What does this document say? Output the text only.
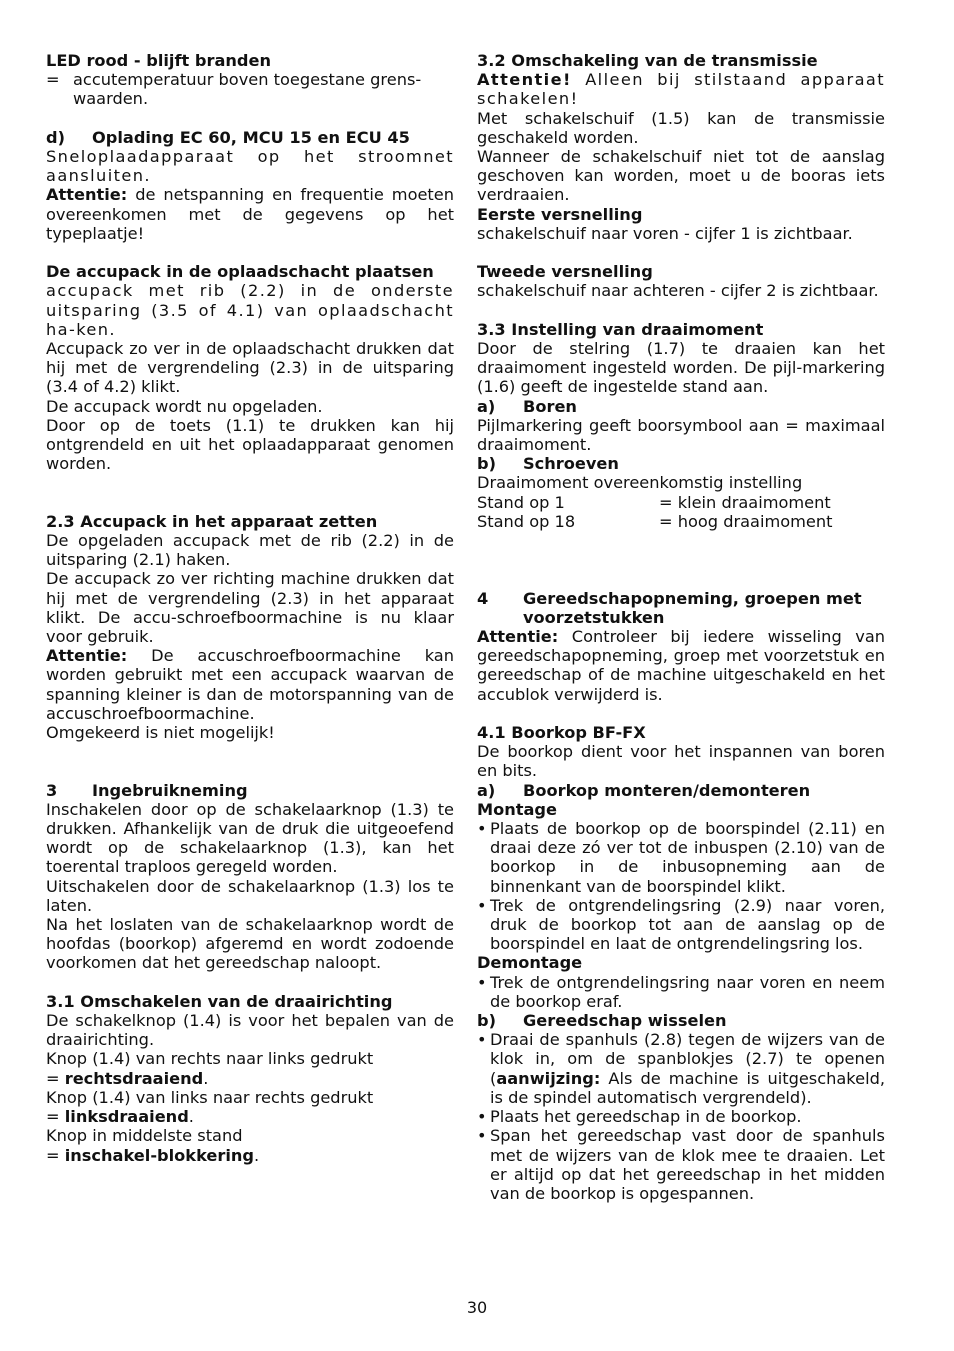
LED rood - blijft branden

= accutemperatuur boven toegestane grens-waarden.
d)	Oplading EC 60, MCU 15 en ECU 45

Sneloplaadapparaat op het stroomnet aansluiten.

Attentie: de netspanning en frequentie moeten overeenkomen met de gegevens op het typeplaatje!

De accupack in de oplaadschacht plaatsen

accupack met rib (2.2) in de onderste uitsparing (3.5 of 4.1) van oplaadschacht ha-ken.

Accupack zo ver in de oplaadschacht drukken dat hij met de vergrendeling (2.3) in de uitsparing (3.4 of 4.2) klikt.

De accupack wordt nu opgeladen.

Door op de toets (1.1) te drukken kan hij ontgrendeld en uit het oplaadapparaat genomen worden.

2.3 Accupack in het apparaat zetten

De opgeladen accupack met de rib (2.2) in de uitsparing (2.1) haken.

De accupack zo ver richting machine drukken dat hij met de vergrendeling (2.3) in het apparaat klikt. De accu-schroefboormachine is nu klaar voor gebruik.

Attentie: De accuschroefboormachine kan worden gebruikt met een accupack waarvan de spanning kleiner is dan de motorspanning van de accuschroefboormachine.

Omgekeerd is niet mogelijk!

3	Ingebruikneming

Inschakelen door op de schakelaarknop (1.3) te drukken. Afhankelijk van de druk die uitgeoefend wordt op de schakelaarknop (1.3), kan het toerental traploos geregeld worden.

Uitschakelen door de schakelaarknop (1.3) los te laten.

Na het loslaten van de schakelaarknop wordt de hoofdas (boorkop) afgeremd en wordt zodoende voorkomen dat het gereedschap naloopt.

3.1 Omschakelen van de draairichting

De schakelknop (1.4) is voor het bepalen van de draairichting.

Knop (1.4) van rechts naar links gedrukt

= rechtsdraaiend.

Knop (1.4) van links naar rechts gedrukt

= linksdraaiend.

Knop in middelste stand

= inschakel-blokkering.

3.2 Omschakeling van de transmissie

Attentie! Alleen bij stilstaand apparaat schakelen!

Met schakelschuif (1.5) kan de transmissie geschakeld worden.

Wanneer de schakelschuif niet tot de aanslag geschoven kan worden, moet u de booras iets verdraaien.

Eerste versnelling

schakelschuif naar voren - cijfer 1 is zichtbaar.

Tweede versnelling

schakelschuif naar achteren - cijfer 2 is zichtbaar.

3.3 Instelling van draaimoment

Door de stelring (1.7) te draaien kan het draaimoment ingesteld worden. De pijl-markering (1.6) geeft de ingestelde stand aan.

a)	Boren

Pijlmarkering geeft boorsymbool aan = maximaal draaimoment.

b)	Schroeven

Draaimoment overeenkomstig instelling

Stand op 1	= klein draaimoment
Stand op 18	= hoog draaimoment
4	Gereedschapopneming, groepen met voorzetstukken

Attentie: Controleer bij iedere wisseling van gereedschapopneming, groep met voorzetstuk en gereedschap of de machine uitgeschakeld en het accublok verwijderd is.

4.1 Boorkop BF-FX

De boorkop dient voor het inspannen van boren en bits.

a)	Boorkop monteren/demonteren

Montage

• Plaats de boorkop op de boorspindel (2.11) en draai deze zó ver tot de inbuspen (2.10) van de boorkop in de inbusopneming aan de binnenkant van de boorspindel klikt.
• Trek de ontgrendelingsring (2.9) naar voren, druk de boorkop tot aan de aanslag op de boorspindel en laat de ontgrendelingsring los.

Demontage

• Trek de ontgrendelingsring naar voren en neem de boorkop eraf.
b)	Gereedschap wisselen
• Draai de spanhuls (2.8) tegen de wijzers van de klok in, om de spanblokjes (2.7) te openen (aanwijzing: Als de machine is uitgeschakeld, is de spindel automatisch vergrendeld).
• Plaats het gereedschap in de boorkop.
• Span het gereedschap vast door de spanhuls met de wijzers van de klok mee te draaien. Let er altijd op dat het gereedschap in het midden van de boorkop is opgespannen.
30
